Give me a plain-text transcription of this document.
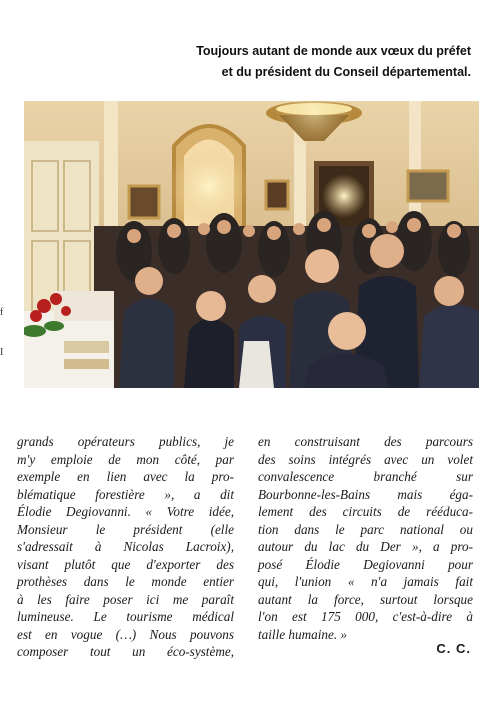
Toujours autant de monde aux vœux du préfet
et du président du Conseil départemental.
f
I
grands opérateurs publics, je
m'y emploie de mon côté, par
exemple en lien avec la pro-
blématique forestière », a dit
Élodie Degiovanni. « Votre idée,
Monsieur le président (elle
s'adressait à Nicolas Lacroix),
visant plutôt que d'exporter des
prothèses dans le monde entier
à les faire poser ici me paraît
lumineuse. Le tourisme médical
est en vogue (…) Nous pouvons
composer tout un éco-système,
en construisant des parcours
des soins intégrés avec un volet
convalescence branché sur
Bourbonne-les-Bains mais éga-
lement des circuits de rééduca-
tion dans le parc national ou
autour du lac du Der », a pro-
posé Élodie Degiovanni pour
qui, l'union « n'a jamais fait
autant la force, surtout lorsque
l'on est 175 000, c'est-à-dire à
taille humaine. »
C. C.
